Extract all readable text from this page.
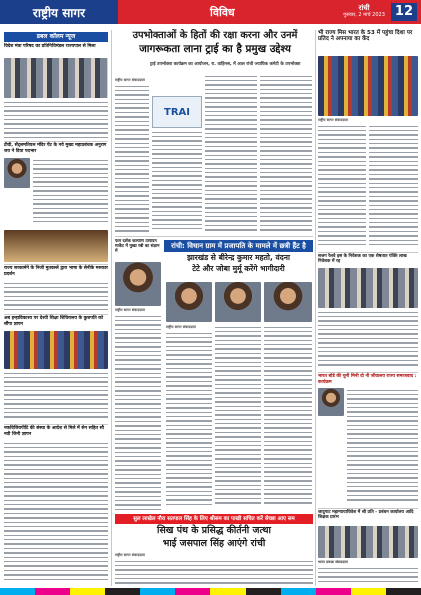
राष्ट्रीय सागर	विविध	रांची
गुरुवार, 2 मार्च 2023 12
डबल कॉलम न्यूज
विदेश मंत्रा परिषद का प्रतिनिधिमंडल राज्यपाल से मिला
टीवी, सेंट्लमतियल मंदिर पेंट के नये मुख्य महाप्रबंधक अनुराग जय ने दिया पदभार
राज्य सरकार्मने के निजी मुतवल्ले द्वारा भाषा के सेनीके मरुकार प्रदर्शन
अब इन्हाविकाश्य पर देश्यी शिक्षा शिविरालय के कुशपति को सौंपा ज्ञापन
नकविजिवपीटि की संस्था के आदेश से मिले में सेन सहित सौ नवी जिनी ज्ञापन
उपभोक्ताओं के हितों की रक्षा करना और उनमें
जागरूकता लाना ट्राई का है प्रमुख उद्देश्य
ट्राई उपभोक्ता कार्यक्रम का आयोजन, रा. वाहिनस, में आल रांची ज्यायिक कमेटी के उपभोक्ता
TRAI
राष्ट्रीय सागर संवाददाता
फल दर्शक कल्याण उत्पादन मार्केट में मुख्य रबी का संज्ञान में
राष्ट्रीय सागर संवाददाता
रांची: विधान ग्राम में प्रजापति के मामले में छत्री हैंट है
झारखंड से बीरेन्द्र कुमार महतो, वंदना
टेटे और जोबा मुर्मू करेंगे भागीदारी
राष्ट्रीय सागर संवाददाता
सुल लाखेल नौरा सतपाल सिंह के लिए श्रीसम का पाखी सचित करें सेच्छा आए सम
सिख पंथ के प्रसिद्ध कीर्तनी जत्था
भाई जसपाल सिंह आएंगे रांची
राष्ट्रीय सागर संवाददाता
भी राज्य मिस भारत के 53 में पहुंचा दिशा पर प्रतिद ने अपनाया का केंद
राष्ट्रीय सागर संवाददाता
सजग रेलवे इस के निवेशक का एक शेषतात पंक्ति लाख निवेशक में रह
भारत बोडे की चुनी मिनी दो नौ जीवालय राज्य समाजवाद : कार्यक्रम
जादुगाट महान्यायाधिवेश में श्री प्रति - प्रबंधन कार्यालय आदि शिक्षक प्रारंभ
भारत प्रकाश संवाददाता
